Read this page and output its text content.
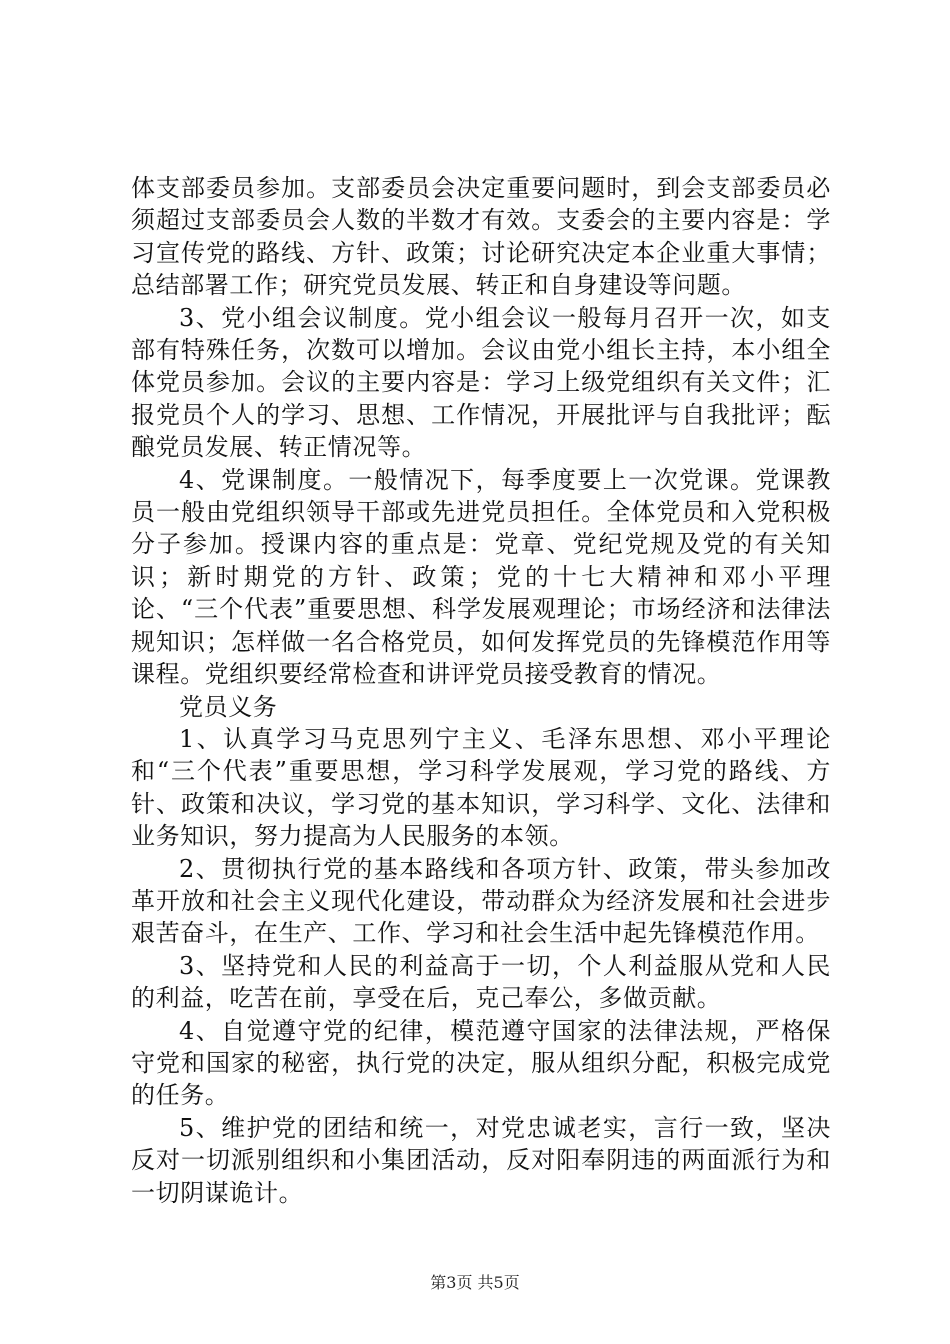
体支部委员参加。支部委员会决定重要问题时，到会支部委员必须超过支部委员会人数的半数才有效。支委会的主要内容是：学习宣传党的路线、方针、政策；讨论研究决定本企业重大事情；总结部署工作；研究党员发展、转正和自身建设等问题。

3、党小组会议制度。党小组会议一般每月召开一次，如支部有特殊任务，次数可以增加。会议由党小组长主持，本小组全体党员参加。会议的主要内容是：学习上级党组织有关文件；汇报党员个人的学习、思想、工作情况，开展批评与自我批评；酝酿党员发展、转正情况等。

4、党课制度。一般情况下，每季度要上一次党课。党课教员一般由党组织领导干部或先进党员担任。全体党员和入党积极分子参加。授课内容的重点是：党章、党纪党规及党的有关知识；新时期党的方针、政策；党的十七大精神和邓小平理论、“三个代表”重要思想、科学发展观理论；市场经济和法律法规知识；怎样做一名合格党员，如何发挥党员的先锋模范作用等课程。党组织要经常检查和讲评党员接受教育的情况。

党员义务

1、认真学习马克思列宁主义、毛泽东思想、邓小平理论和“三个代表”重要思想，学习科学发展观，学习党的路线、方针、政策和决议，学习党的基本知识，学习科学、文化、法律和业务知识，努力提高为人民服务的本领。

2、贯彻执行党的基本路线和各项方针、政策，带头参加改革开放和社会主义现代化建设，带动群众为经济发展和社会进步艰苦奋斗，在生产、工作、学习和社会生活中起先锋模范作用。

3、坚持党和人民的利益高于一切，个人利益服从党和人民的利益，吃苦在前，享受在后，克己奉公，多做贡献。

4、自觉遵守党的纪律，模范遵守国家的法律法规，严格保守党和国家的秘密，执行党的决定，服从组织分配，积极完成党的任务。

5、维护党的团结和统一，对党忠诚老实，言行一致，坚决反对一切派别组织和小集团活动，反对阳奉阴违的两面派行为和一切阴谋诡计。

第3页 共5页
